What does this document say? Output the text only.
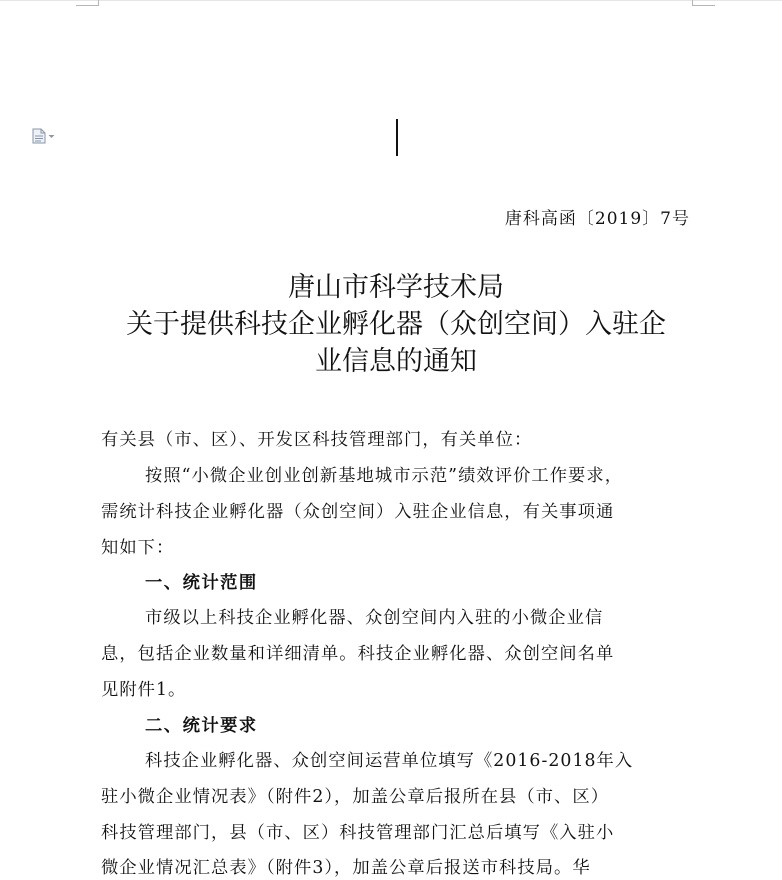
唐科高函〔2019〕7号
唐山市科学技术局
关于提供科技企业孵化器（众创空间）入驻企
业信息的通知
有关县（市、区）、开发区科技管理部门，有关单位：
按照“小微企业创业创新基地城市示范”绩效评价工作要求，
需统计科技企业孵化器（众创空间）入驻企业信息，有关事项通
知如下：
一、统计范围
市级以上科技企业孵化器、众创空间内入驻的小微企业信
息，包括企业数量和详细清单。科技企业孵化器、众创空间名单
见附件1。
二、统计要求
科技企业孵化器、众创空间运营单位填写《2016-2018年入
驻小微企业情况表》（附件2），加盖公章后报所在县（市、区）
科技管理部门，县（市、区）科技管理部门汇总后填写《入驻小
微企业情况汇总表》（附件3），加盖公章后报送市科技局。华
